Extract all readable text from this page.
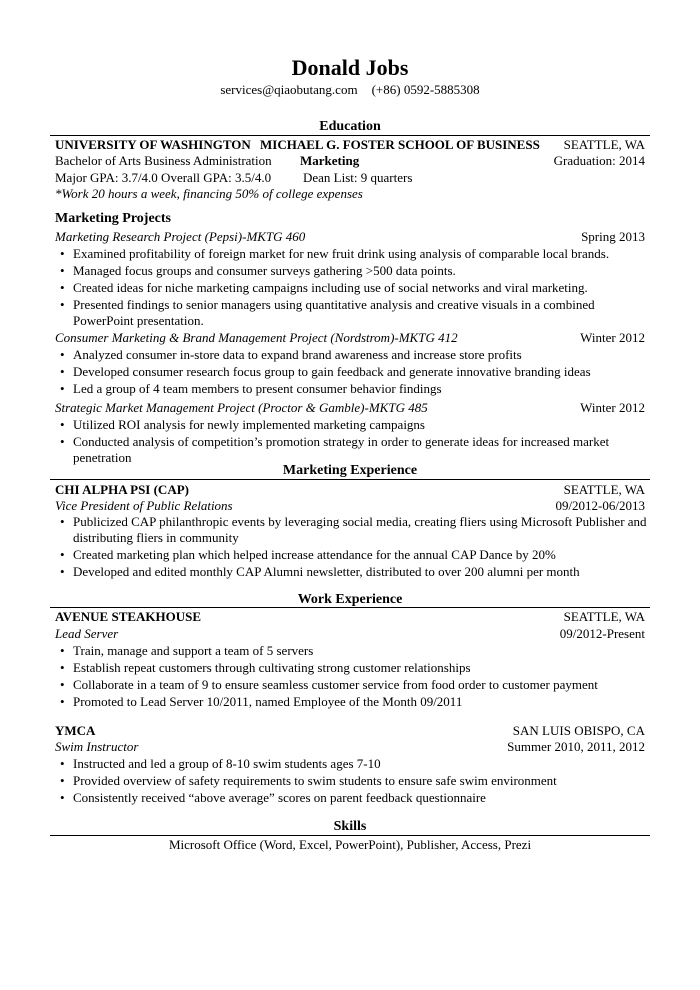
Donald Jobs
services@qiaobutang.com (+86) 0592-5885308
Education
UNIVERSITY OF WASHINGTON MICHAEL G. FOSTER SCHOOL OF BUSINESS SEATTLE, WA
Bachelor of Arts Business Administration Marketing	Graduation: 2014
Major GPA: 3.7/4.0 Overall GPA: 3.5/4.0 Dean List: 9 quarters
*Work 20 hours a week, financing 50% of college expenses
Marketing Projects
Marketing Research Project (Pepsi)-MKTG 460	Spring 2013
• Examined profitability of foreign market for new fruit drink using analysis of comparable local brands.
• Managed focus groups and consumer surveys gathering >500 data points.
• Created ideas for niche marketing campaigns including use of social networks and viral marketing.
• Presented findings to senior managers using quantitative analysis and creative visuals in a combined PowerPoint presentation.
Consumer Marketing & Brand Management Project (Nordstrom)-MKTG 412	Winter 2012
• Analyzed consumer in-store data to expand brand awareness and increase store profits
• Developed consumer research focus group to gain feedback and generate innovative branding ideas
• Led a group of 4 team members to present consumer behavior findings
Strategic Market Management Project (Proctor & Gamble)-MKTG 485	Winter 2012
• Utilized ROI analysis for newly implemented marketing campaigns
• Conducted analysis of competition’s promotion strategy in order to generate ideas for increased market penetration
Marketing Experience
CHI ALPHA PSI (CAP)	SEATTLE, WA
Vice President of Public Relations	09/2012-06/2013
• Publicized CAP philanthropic events by leveraging social media, creating fliers using Microsoft Publisher and distributing fliers in community
• Created marketing plan which helped increase attendance for the annual CAP Dance by 20%
• Developed and edited monthly CAP Alumni newsletter, distributed to over 200 alumni per month
Work Experience
AVENUE STEAKHOUSE	SEATTLE, WA
Lead Server	09/2012-Present
• Train, manage and support a team of 5 servers
• Establish repeat customers through cultivating strong customer relationships
• Collaborate in a team of 9 to ensure seamless customer service from food order to customer payment
• Promoted to Lead Server 10/2011, named Employee of the Month 09/2011
YMCA	SAN LUIS OBISPO, CA
Swim Instructor	Summer 2010, 2011, 2012
• Instructed and led a group of 8-10 swim students ages 7-10
• Provided overview of safety requirements to swim students to ensure safe swim environment
• Consistently received “above average” scores on parent feedback questionnaire
Skills
Microsoft Office (Word, Excel, PowerPoint), Publisher, Access, Prezi
